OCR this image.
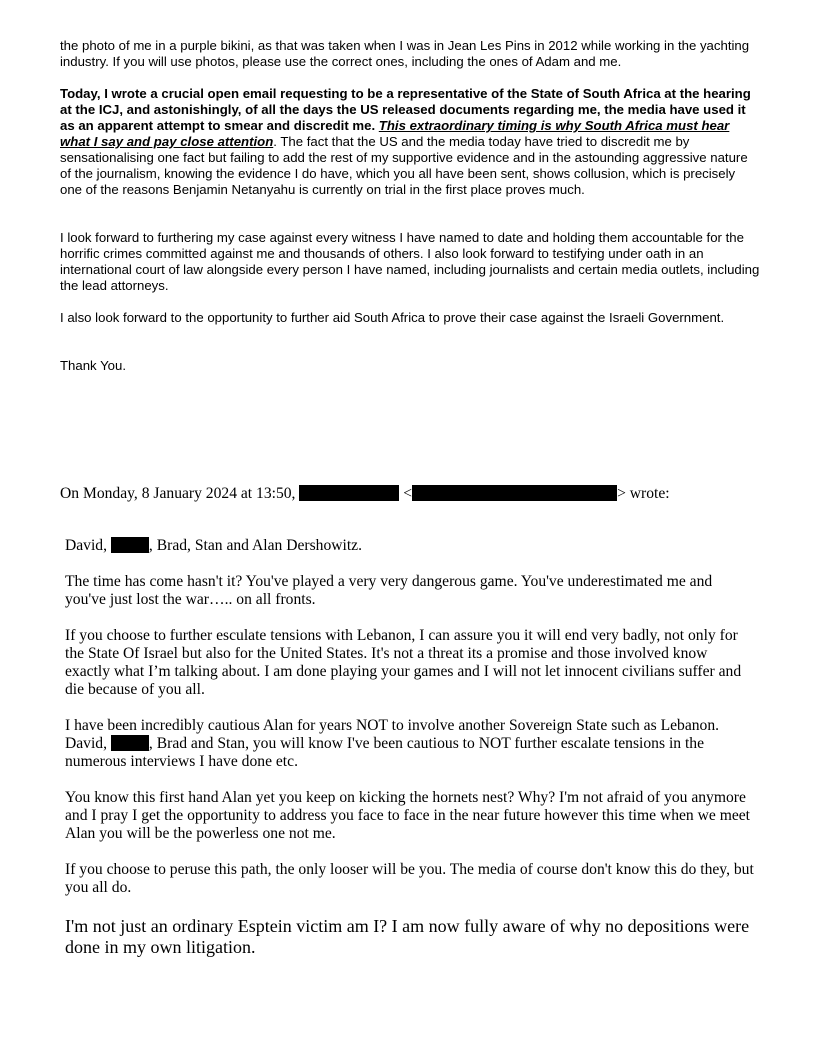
the photo of me in a purple bikini, as that was taken when I was in Jean Les Pins in 2012 while working in the yachting industry. If you will use photos, please use the correct ones, including the ones of Adam and me.

Today, I wrote a crucial open email requesting to be a representative of the State of South Africa at the hearing at the ICJ, and astonishingly, of all the days the US released documents regarding me, the media have used it as an apparent attempt to smear and discredit me. This extraordinary timing is why South Africa must hear what I say and pay close attention. The fact that the US and the media today have tried to discredit me by sensationalising one fact but failing to add the rest of my supportive evidence and in the astounding aggressive nature of the journalism, knowing the evidence I do have, which you all have been sent, shows collusion, which is precisely one of the reasons Benjamin Netanyahu is currently on trial in the first place proves much.

I look forward to furthering my case against every witness I have named to date and holding them accountable for the horrific crimes committed against me and thousands of others. I also look forward to testifying under oath in an international court of law alongside every person I have named, including journalists and certain media outlets, including the lead attorneys.

I also look forward to the opportunity to further aid South Africa to prove their case against the Israeli Government.

Thank You.

On Monday, 8 January 2024 at 13:50,	<	> wrote:

David,	, Brad, Stan and Alan Dershowitz.

The time has come hasn't it? You've played a very very dangerous game. You've underestimated me and you've just lost the war….. on all fronts.

If you choose to further esculate tensions with Lebanon, I can assure you it will end very badly, not only for the State Of Israel but also for the United States. It's not a threat its a promise and those involved know exactly what I’m talking about. I am done playing your games and I will not let innocent civilians suffer and die because of you all.

I have been incredibly cautious Alan for years NOT to involve another Sovereign State such as Lebanon.
David,	, Brad and Stan, you will know I've been cautious to NOT further escalate tensions in the numerous interviews I have done etc.

You know this first hand Alan yet you keep on kicking the hornets nest? Why? I'm not afraid of you anymore and I pray I get the opportunity to address you face to face in the near future however this time when we meet Alan you will be the powerless one not me.

If you choose to peruse this path, the only looser will be you. The media of course don't know this do they, but you all do.

I'm not just an ordinary Esptein victim am I? I am now fully aware of why no depositions were done in my own litigation.
